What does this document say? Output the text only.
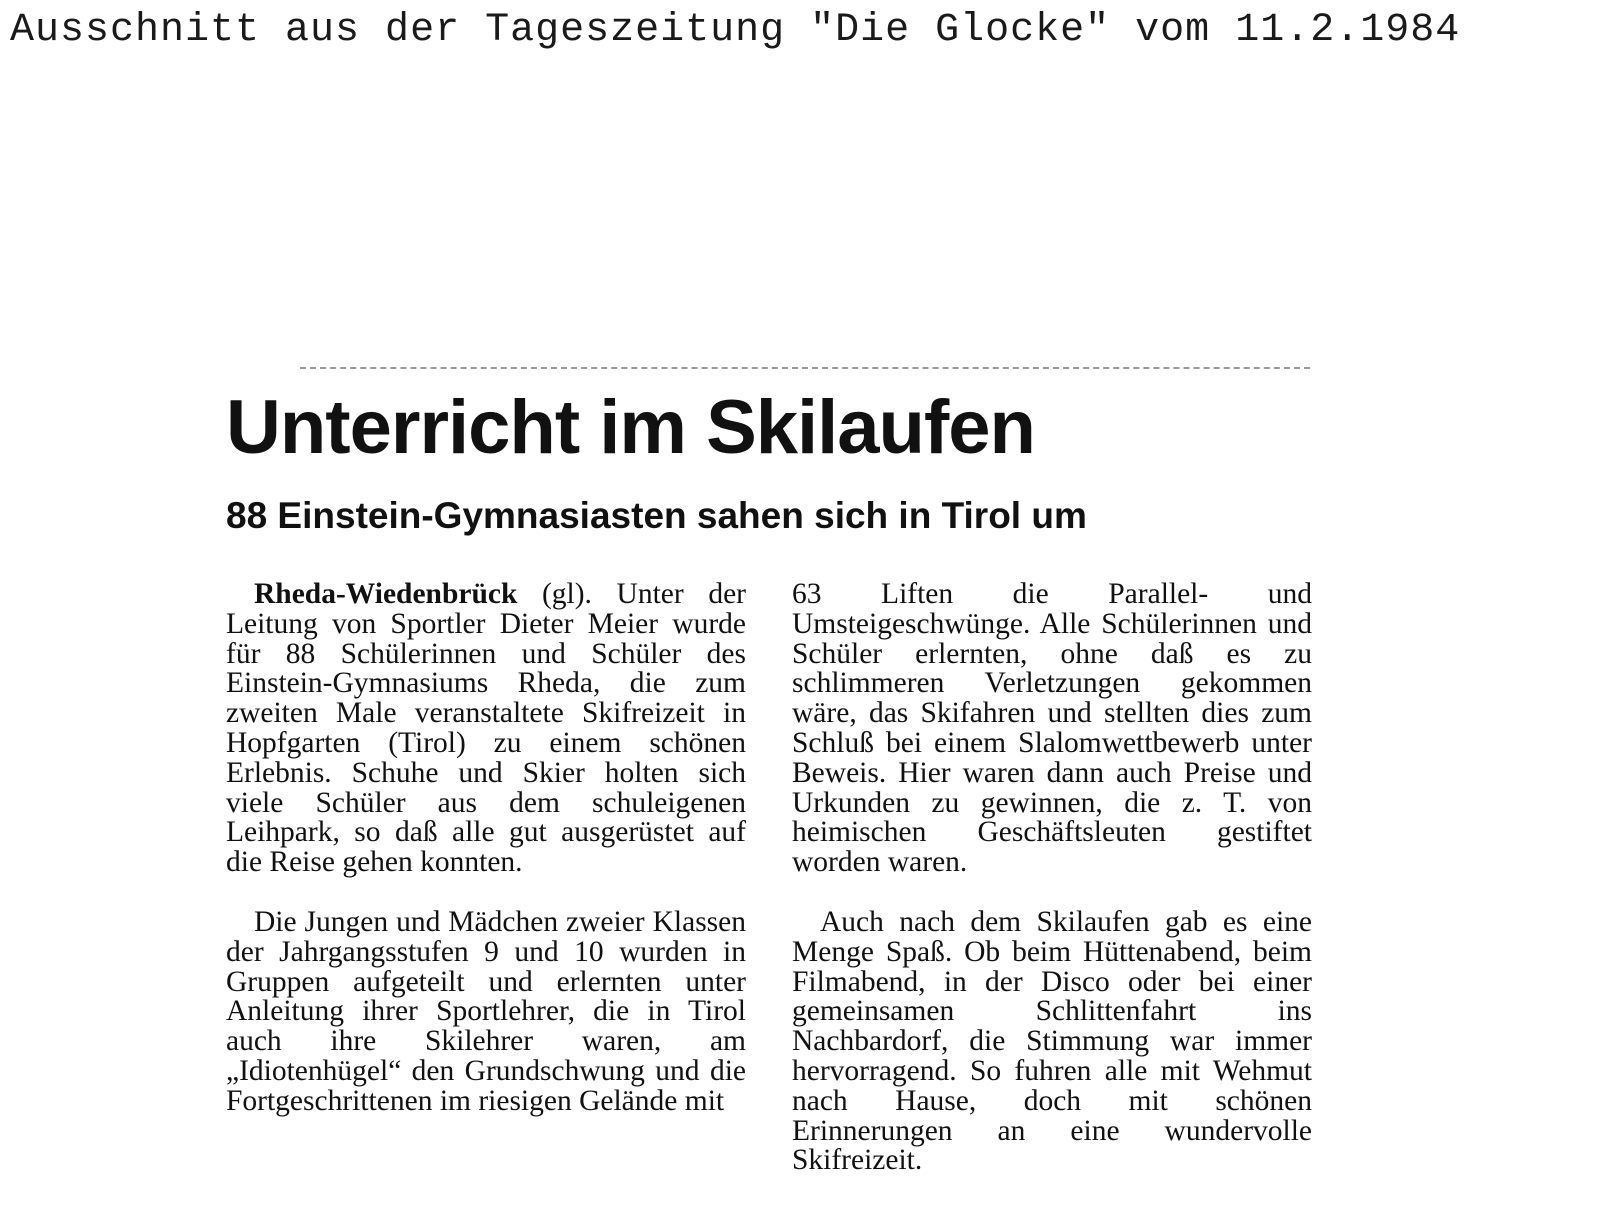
Ausschnitt aus der Tageszeitung "Die Glocke" vom 11.2.1984
Unterricht im Skilaufen
88 Einstein-Gymnasiasten sahen sich in Tirol um

Rheda-Wiedenbrück (gl). Unter der Leitung von Sportler Dieter Meier wurde für 88 Schülerinnen und Schüler des Einstein-Gymnasiums Rheda, die zum zweiten Male veranstaltete Skifreizeit in Hopfgarten (Tirol) zu einem schönen Erlebnis. Schuhe und Skier holten sich viele Schüler aus dem schuleigenen Leihpark, so daß alle gut ausgerüstet auf die Reise gehen konnten.

Die Jungen und Mädchen zweier Klassen der Jahrgangsstufen 9 und 10 wurden in Gruppen aufgeteilt und erlernten unter Anleitung ihrer Sportlehrer, die in Tirol auch ihre Skilehrer waren, am „Idiotenhügel“ den Grundschwung und die Fortgeschrittenen im riesigen Gelände mit

63 Liften die Parallel- und Umsteigeschwünge. Alle Schülerinnen und Schüler erlernten, ohne daß es zu schlimmeren Verletzungen gekommen wäre, das Skifahren und stellten dies zum Schluß bei einem Slalomwettbewerb unter Beweis. Hier waren dann auch Preise und Urkunden zu gewinnen, die z. T. von heimischen Geschäftsleuten gestiftet worden waren.

Auch nach dem Skilaufen gab es eine Menge Spaß. Ob beim Hüttenabend, beim Filmabend, in der Disco oder bei einer gemeinsamen Schlittenfahrt ins Nachbardorf, die Stimmung war immer hervorragend. So fuhren alle mit Wehmut nach Hause, doch mit schönen Erinnerungen an eine wundervolle Skifreizeit.
